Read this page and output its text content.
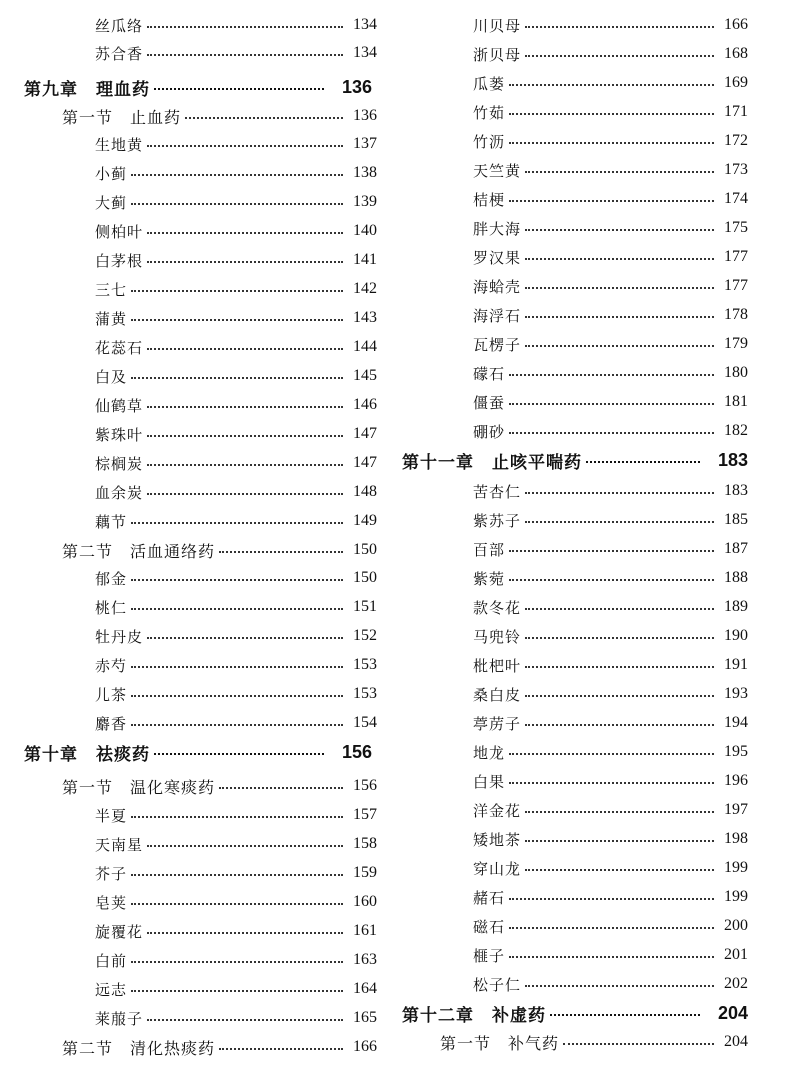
丝瓜络	134
苏合香	134
第九章　理血药	136
第一节　止血药	136
生地黄	137
小蓟	138
大蓟	139
侧柏叶	140
白茅根	141
三七	142
蒲黄	143
花蕊石	144
白及	145
仙鹤草	146
紫珠叶	147
棕榈炭	147
血余炭	148
藕节	149
第二节　活血通络药	150
郁金	150
桃仁	151
牡丹皮	152
赤芍	153
儿茶	153
麝香	154
第十章　祛痰药	156
第一节　温化寒痰药	156
半夏	157
天南星	158
芥子	159
皂荚	160
旋覆花	161
白前	163
远志	164
莱菔子	165
第二节　清化热痰药	166
川贝母	166
浙贝母	168
瓜蒌	169
竹茹	171
竹沥	172
天竺黄	173
桔梗	174
胖大海	175
罗汉果	177
海蛤壳	177
海浮石	178
瓦楞子	179
礞石	180
僵蚕	181
硼砂	182
第十一章　止咳平喘药	183
苦杏仁	183
紫苏子	185
百部	187
紫菀	188
款冬花	189
马兜铃	190
枇杷叶	191
桑白皮	193
葶苈子	194
地龙	195
白果	196
洋金花	197
矮地茶	198
穿山龙	199
赭石	199
磁石	200
榧子	201
松子仁	202
第十二章　补虚药	204
第一节　补气药	204
